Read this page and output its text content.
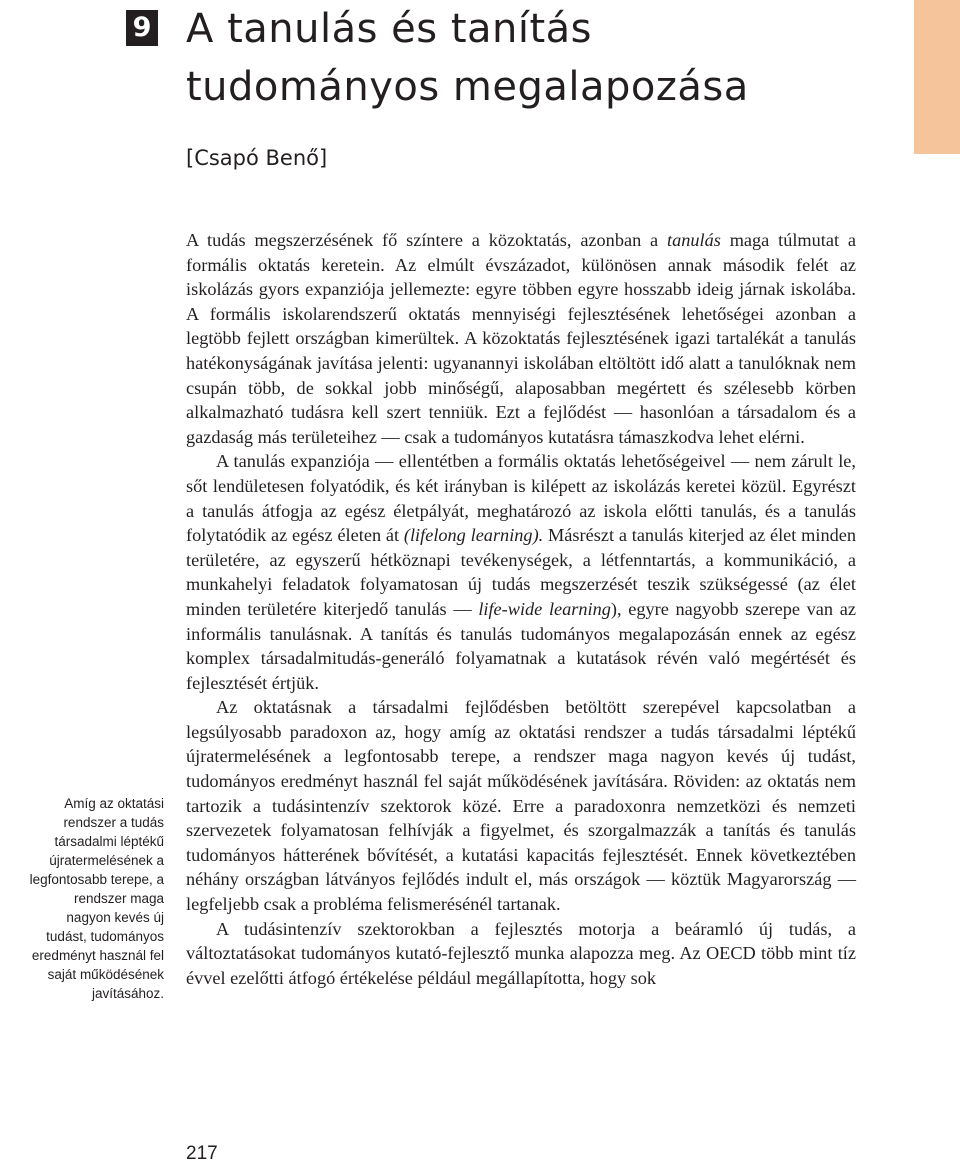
9 A tanulás és tanítás
tudományos megalapozása
[Csapó Benő]
Amíg az oktatási rendszer a tudás társadalmi léptékű újratermelésének a legfontosabb terepe, a rendszer maga nagyon kevés új tudást, tudományos eredményt használ fel saját működésének javításához.

A tudás megszerzésének fő színtere a közoktatás, azonban a tanulás maga túlmutat a formális oktatás keretein. Az elmúlt évszázadot, különösen annak második felét az iskolázás gyors expanziója jellemezte: egyre többen egyre hosszabb ideig járnak iskolába. A formális iskolarendszerű oktatás mennyiségi fejlesztésének lehetőségei azonban a legtöbb fejlett országban kimerültek. A közoktatás fejlesztésének igazi tartalékát a tanulás hatékonyságának javítása jelenti: ugyanannyi iskolában eltöltött idő alatt a tanulóknak nem csupán több, de sokkal jobb minőségű, alaposabban megértett és szélesebb körben alkalmazható tudásra kell szert tenniük. Ezt a fejlődést — hasonlóan a társadalom és a gazdaság más területeihez — csak a tudományos kutatásra támaszkodva lehet elérni.

A tanulás expanziója — ellentétben a formális oktatás lehetőségeivel — nem zárult le, sőt lendületesen folyatódik, és két irányban is kilépett az iskolázás keretei közül. Egyrészt a tanulás átfogja az egész életpályát, meghatározó az iskola előtti tanulás, és a tanulás folytatódik az egész életen át (lifelong learning). Másrészt a tanulás kiterjed az élet minden területére, az egyszerű hétköznapi tevékenységek, a létfenntartás, a kommunikáció, a munkahelyi feladatok folyamatosan új tudás megszerzését teszik szükségessé (az élet minden területére kiterjedő tanulás — life-wide learning), egyre nagyobb szerepe van az informális tanulásnak. A tanítás és tanulás tudományos megalapozásán ennek az egész komplex társadalmitudás-generáló folyamatnak a kutatások révén való megértését és fejlesztését értjük.

Az oktatásnak a társadalmi fejlődésben betöltött szerepével kapcsolatban a legsúlyosabb paradoxon az, hogy amíg az oktatási rendszer a tudás társadalmi léptékű újratermelésének a legfontosabb terepe, a rendszer maga nagyon kevés új tudást, tudományos eredményt használ fel saját működésének javítására. Röviden: az oktatás nem tartozik a tudásintenzív szektorok közé. Erre a paradoxonra nemzetközi és nemzeti szervezetek folyamatosan felhívják a figyelmet, és szorgalmazzák a tanítás és tanulás tudományos hátterének bővítését, a kutatási kapacitás fejlesztését. Ennek következtében néhány országban látványos fejlődés indult el, más országok — köztük Magyarország — legfeljebb csak a probléma felismerésénél tartanak.

A tudásintenzív szektorokban a fejlesztés motorja a beáramló új tudás, a változtatásokat tudományos kutató-fejlesztő munka alapozza meg. Az OECD több mint tíz évvel ezelőtti átfogó értékelése például megállapította, hogy sok

217
